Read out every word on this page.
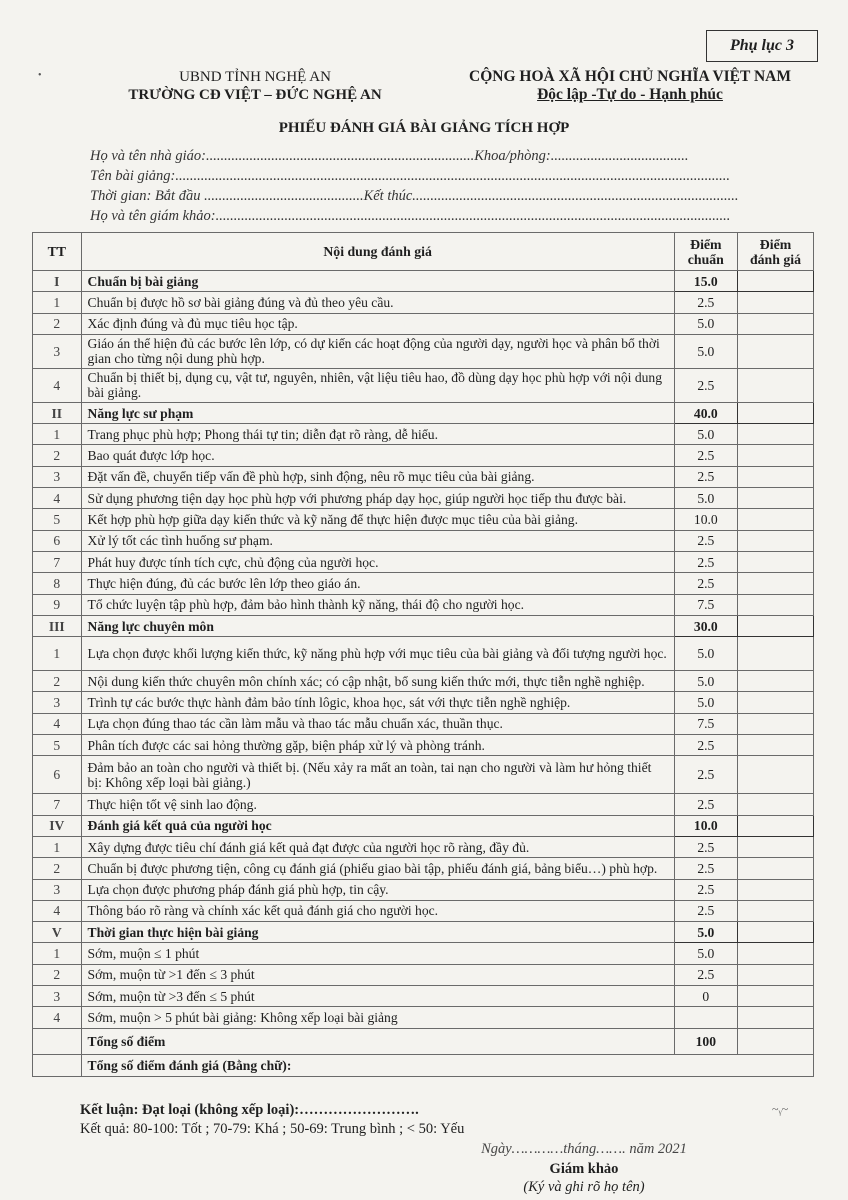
•
Phụ lục 3
UBND TỈNH NGHỆ AN
TRƯỜNG CĐ VIỆT – ĐỨC NGHỆ AN
CỘNG HOÀ XÃ HỘI CHỦ NGHĨA VIỆT NAM
Độc lập -Tự do - Hạnh phúc
PHIẾU ĐÁNH GIÁ BÀI GIẢNG TÍCH HỢP
Họ và tên nhà giáo:..........................................................................Khoa/phòng:......................................
Tên bài giảng:.........................................................................................................................................................
Thời gian: Bắt đầu ............................................Kết thúc..........................................................................................
Họ và tên giám khảo:..............................................................................................................................................
TT	Nội dung đánh giá	Điểm chuẩn	Điểm đánh giá
I	Chuẩn bị bài giảng	15.0	
1	Chuẩn bị được hồ sơ bài giảng đúng và đủ theo yêu cầu.	2.5	
2	Xác định đúng và đủ mục tiêu học tập.	5.0	
3	Giáo án thể hiện đủ các bước lên lớp, có dự kiến các hoạt động của người dạy, người học và phân bổ thời gian cho từng nội dung phù hợp.	5.0	
4	Chuẩn bị thiết bị, dụng cụ, vật tư, nguyên, nhiên, vật liệu tiêu hao, đồ dùng dạy học phù hợp với nội dung bài giảng.	2.5	
II	Năng lực sư phạm	40.0	
1	Trang phục phù hợp; Phong thái tự tin; diễn đạt rõ ràng, dễ hiểu.	5.0	
2	Bao quát được lớp học.	2.5	
3	Đặt vấn đề, chuyển tiếp vấn đề phù hợp, sinh động, nêu rõ mục tiêu của bài giảng.	2.5	
4	Sử dụng phương tiện dạy học phù hợp với phương pháp dạy học, giúp người học tiếp thu được bài.	5.0	
5	Kết hợp phù hợp giữa dạy kiến thức và kỹ năng để thực hiện được mục tiêu của bài giảng.	10.0	
6	Xử lý tốt các tình huống sư phạm.	2.5	
7	Phát huy được tính tích cực, chủ động của người học.	2.5	
8	Thực hiện đúng, đủ các bước lên lớp theo giáo án.	2.5	
9	Tổ chức luyện tập phù hợp, đảm bảo hình thành kỹ năng, thái độ cho người học.	7.5	
III	Năng lực chuyên môn	30.0	
1	Lựa chọn được khối lượng kiến thức, kỹ năng phù hợp với mục tiêu của bài giảng và đối tượng người học.	5.0	
2	Nội dung kiến thức chuyên môn chính xác; có cập nhật, bổ sung kiến thức mới, thực tiễn nghề nghiệp.	5.0	
3	Trình tự các bước thực hành đảm bảo tính lôgic, khoa học, sát với thực tiễn nghề nghiệp.	5.0	
4	Lựa chọn đúng thao tác cần làm mẫu và thao tác mẫu chuẩn xác, thuần thục.	7.5	
5	Phân tích được các sai hỏng thường gặp, biện pháp xử lý và phòng tránh.	2.5	
6	Đảm bảo an toàn cho người và thiết bị. (Nếu xảy ra mất an toàn, tai nạn cho người và làm hư hỏng thiết bị: Không xếp loại bài giảng.)	2.5	
7	Thực hiện tốt vệ sinh lao động.	2.5	
IV	Đánh giá kết quả của người học	10.0	
1	Xây dựng được tiêu chí đánh giá kết quả đạt được của người học rõ ràng, đầy đủ.	2.5	
2	Chuẩn bị được phương tiện, công cụ đánh giá (phiếu giao bài tập, phiếu đánh giá, bảng biểu…) phù hợp.	2.5	
3	Lựa chọn được phương pháp đánh giá phù hợp, tin cậy.	2.5	
4	Thông báo rõ ràng và chính xác kết quả đánh giá cho người học.	2.5	
V	Thời gian thực hiện bài giảng	5.0	
1	Sớm, muộn ≤ 1 phút	5.0	
2	Sớm, muộn từ >1 đến ≤ 3 phút	2.5	
3	Sớm, muộn từ >3 đến ≤ 5 phút	0	
4	Sớm, muộn > 5 phút bài giảng: Không xếp loại bài giảng		
	Tổng số điểm	100	
	Tổng số điểm đánh giá (Bằng chữ):		
Kết luận: Đạt loại (không xếp loại):…………………….
Kết quả: 80-100: Tốt ; 70-79: Khá ; 50-69: Trung bình ; < 50: Yếu
Ngày…………tháng……. năm 2021
Giám khảo
(Ký và ghi rõ họ tên)
~ᵧ~
